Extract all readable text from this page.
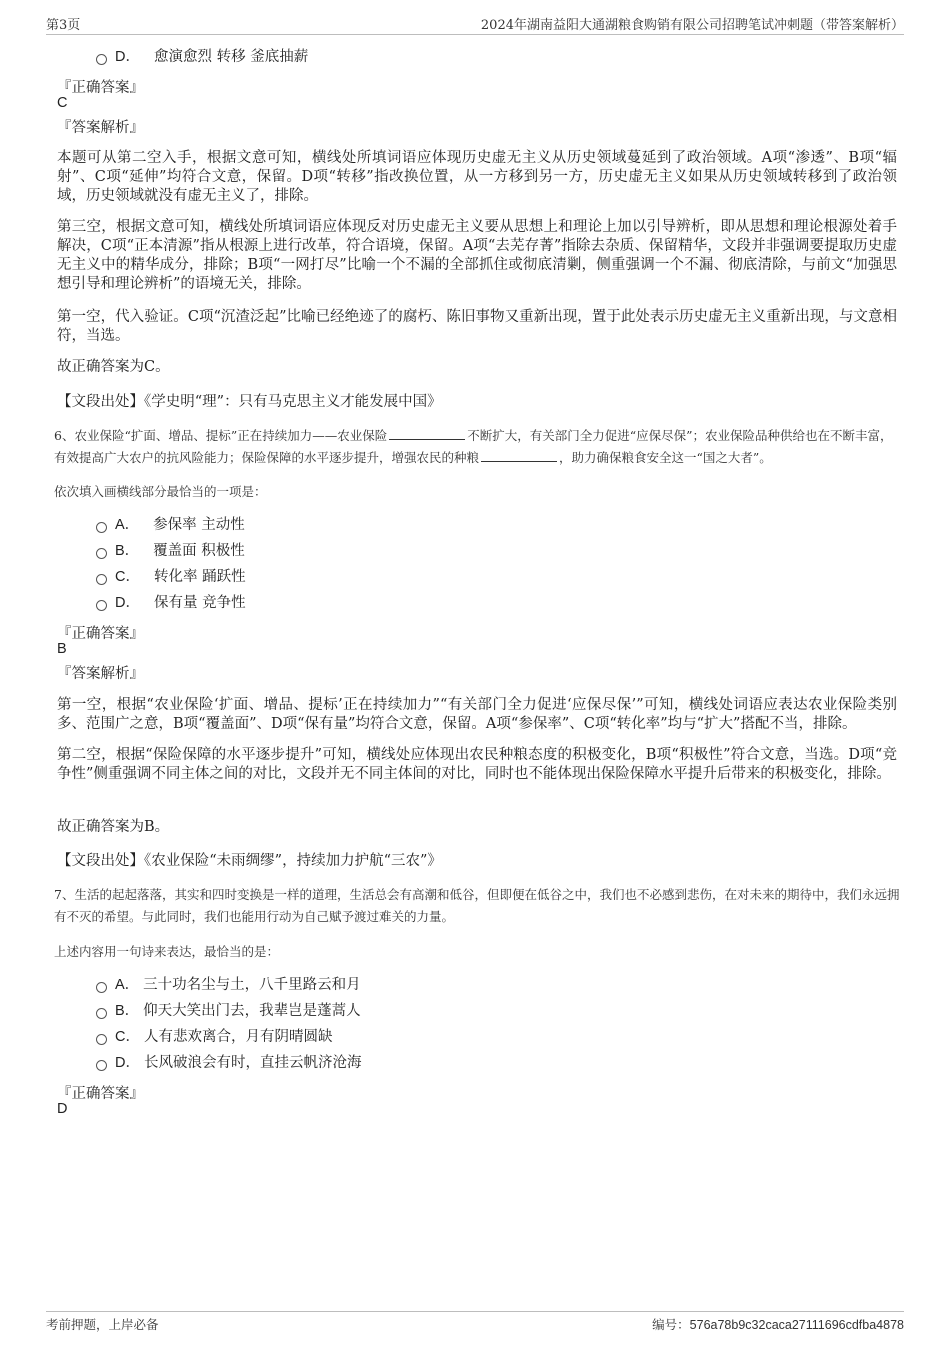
第3页	2024年湖南益阳大通湖粮食购销有限公司招聘笔试冲刺题（带答案解析）
D． 愈演愈烈 转移 釜底抽薪
『正确答案』
C
『答案解析』
本题可从第二空入手，根据文意可知，横线处所填词语应体现历史虚无主义从历史领域蔓延到了政治领域。A项“渗透”、B项“辐射”、C项“延伸”均符合文意，保留。D项“转移”指改换位置，从一方移到另一方，历史虚无主义如果从历史领域转移到了政治领域，历史领域就没有虚无主义了，排除。
第三空，根据文意可知，横线处所填词语应体现反对历史虚无主义要从思想上和理论上加以引导辨析，即从思想和理论根源处着手解决，C项“正本清源”指从根源上进行改革，符合语境，保留。A项“去芜存菁”指除去杂质、保留精华，文段并非强调要提取历史虚无主义中的精华成分，排除；B项“一网打尽”比喻一个不漏的全部抓住或彻底清剿，侧重强调一个不漏、彻底清除，与前文“加强思想引导和理论辨析”的语境无关，排除。
第一空，代入验证。C项“沉渣泛起”比喻已经绝迹了的腐朽、陈旧事物又重新出现，置于此处表示历史虚无主义重新出现，与文意相符，当选。
故正确答案为C。
【文段出处】《学史明“理”：只有马克思主义才能发展中国》
6、农业保险“扩面、增品、提标”正在持续加力——农业保险	不断扩大，有关部门全力促进“应保尽保”；农业保险品种供给也在不断丰富，有效提高广大农户的抗风险能力；保险保障的水平逐步提升，增强农民的种粮	，助力确保粮食安全这一“国之大者”。
依次填入画横线部分最恰当的一项是：
A． 参保率 主动性
B． 覆盖面 积极性
C． 转化率 踊跃性
D． 保有量 竞争性
『正确答案』
B
『答案解析』
第一空，根据“农业保险‘扩面、增品、提标’正在持续加力”“有关部门全力促进‘应保尽保’”可知，横线处词语应表达农业保险类别多、范围广之意，B项“覆盖面”、D项“保有量”均符合文意，保留。A项“参保率”、C项“转化率”均与“扩大”搭配不当，排除。
第二空，根据“保险保障的水平逐步提升”可知，横线处应体现出农民种粮态度的积极变化，B项“积极性”符合文意，当选。D项“竞争性”侧重强调不同主体之间的对比，文段并无不同主体间的对比，同时也不能体现出保险保障水平提升后带来的积极变化，排除。
故正确答案为B。
【文段出处】《农业保险“未雨绸缪”，持续加力护航“三农”》
7、生活的起起落落，其实和四时变换是一样的道理，生活总会有高潮和低谷，但即便在低谷之中，我们也不必感到悲伤，在对未来的期待中，我们永远拥有不灭的希望。与此同时，我们也能用行动为自己赋予渡过难关的力量。
上述内容用一句诗来表达，最恰当的是：
A． 三十功名尘与土，八千里路云和月
B． 仰天大笑出门去，我辈岂是蓬蒿人
C． 人有悲欢离合，月有阴晴圆缺
D． 长风破浪会有时，直挂云帆济沧海
『正确答案』
D
考前押题，上岸必备	编号：576a78b9c32caca27111696cdfba4878
